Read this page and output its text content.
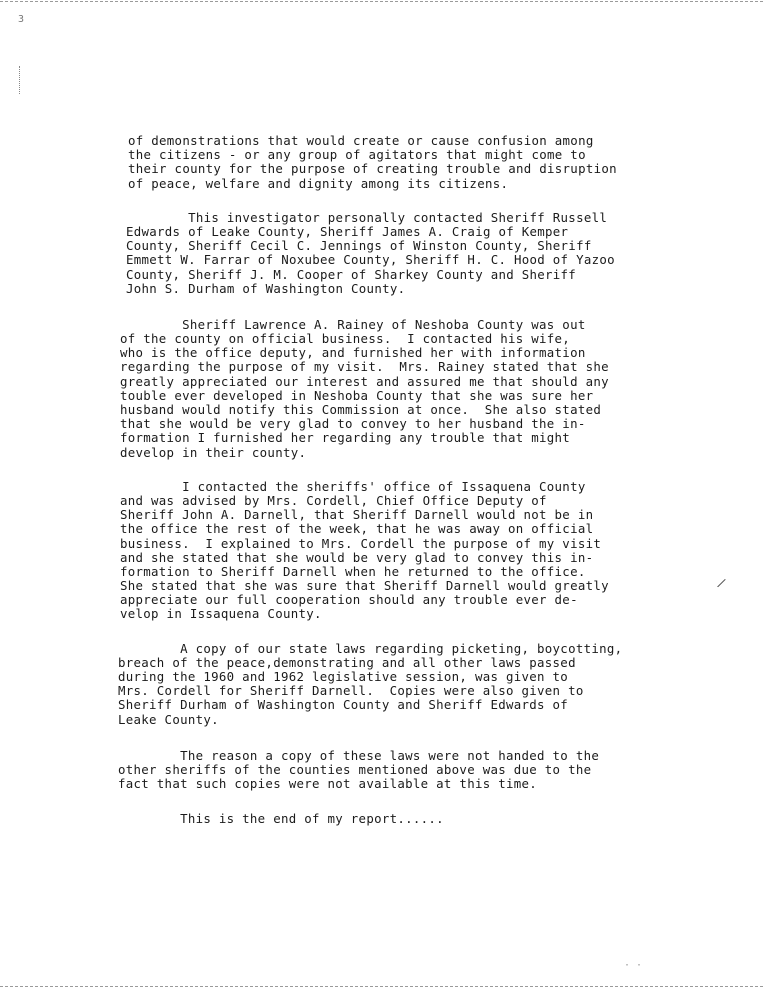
3
/
of demonstrations that would create or cause confusion among
the citizens - or any group of agitators that might come to
their county for the purpose of creating trouble and disruption
of peace, welfare and dignity among its citizens.
This investigator personally contacted Sheriff Russell
Edwards of Leake County, Sheriff James A. Craig of Kemper
County, Sheriff Cecil C. Jennings of Winston County, Sheriff
Emmett W. Farrar of Noxubee County, Sheriff H. C. Hood of Yazoo
County, Sheriff J. M. Cooper of Sharkey County and Sheriff
John S. Durham of Washington County.
Sheriff Lawrence A. Rainey of Neshoba County was out
of the county on official business.  I contacted his wife,
who is the office deputy, and furnished her with information
regarding the purpose of my visit.  Mrs. Rainey stated that she
greatly appreciated our interest and assured me that should any
touble ever developed in Neshoba County that she was sure her
husband would notify this Commission at once.  She also stated
that she would be very glad to convey to her husband the in-
formation I furnished her regarding any trouble that might
develop in their county.
I contacted the sheriffs' office of Issaquena County
and was advised by Mrs. Cordell, Chief Office Deputy of
Sheriff John A. Darnell, that Sheriff Darnell would not be in
the office the rest of the week, that he was away on official
business.  I explained to Mrs. Cordell the purpose of my visit
and she stated that she would be very glad to convey this in-
formation to Sheriff Darnell when he returned to the office.
She stated that she was sure that Sheriff Darnell would greatly
appreciate our full cooperation should any trouble ever de-
velop in Issaquena County.
A copy of our state laws regarding picketing, boycotting,
breach of the peace,demonstrating and all other laws passed
during the 1960 and 1962 legislative session, was given to
Mrs. Cordell for Sheriff Darnell.  Copies were also given to
Sheriff Durham of Washington County and Sheriff Edwards of
Leake County.
The reason a copy of these laws were not handed to the
other sheriffs of the counties mentioned above was due to the
fact that such copies were not available at this time.
This is the end of my report......
· ·
